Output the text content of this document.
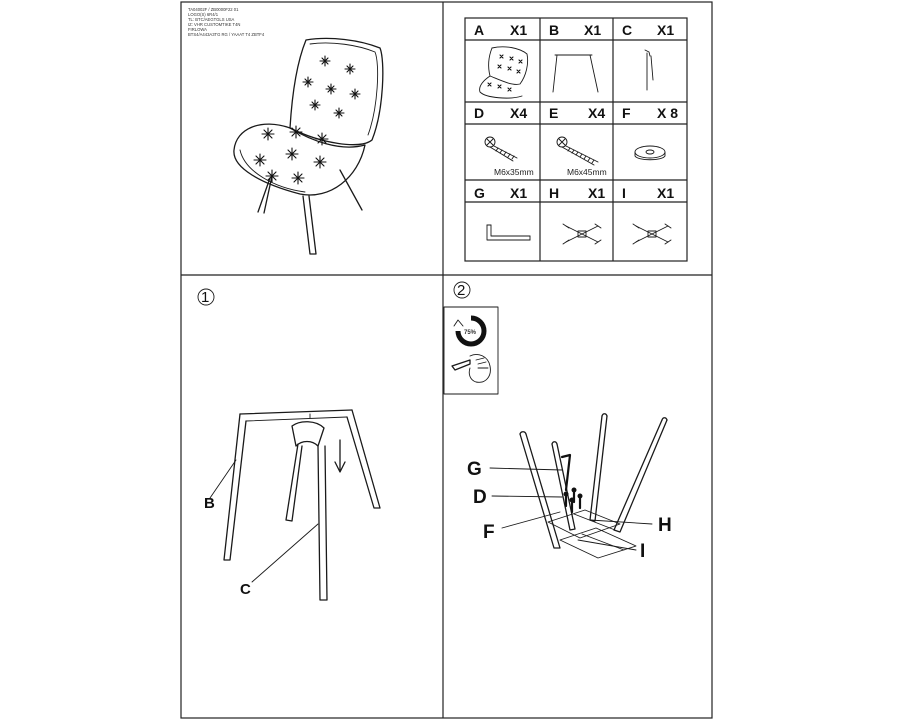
TA04002F / ZB0000F22 01
LOGO(S) 6R4/1
TL: BTC/AEGTGLS USA
IZ: VHR CUSTOMTIKE T4N
FIRLOWA
BTS4/A443A3TG RG / YAAAT T4 ZBTF4	A X1 B X1 C X1
D X4
M6x35mm
E X4
M6x45mm
F X 8
G X1 H X1 I X1
1
B
C
2
75%
G
D
F	H
I
